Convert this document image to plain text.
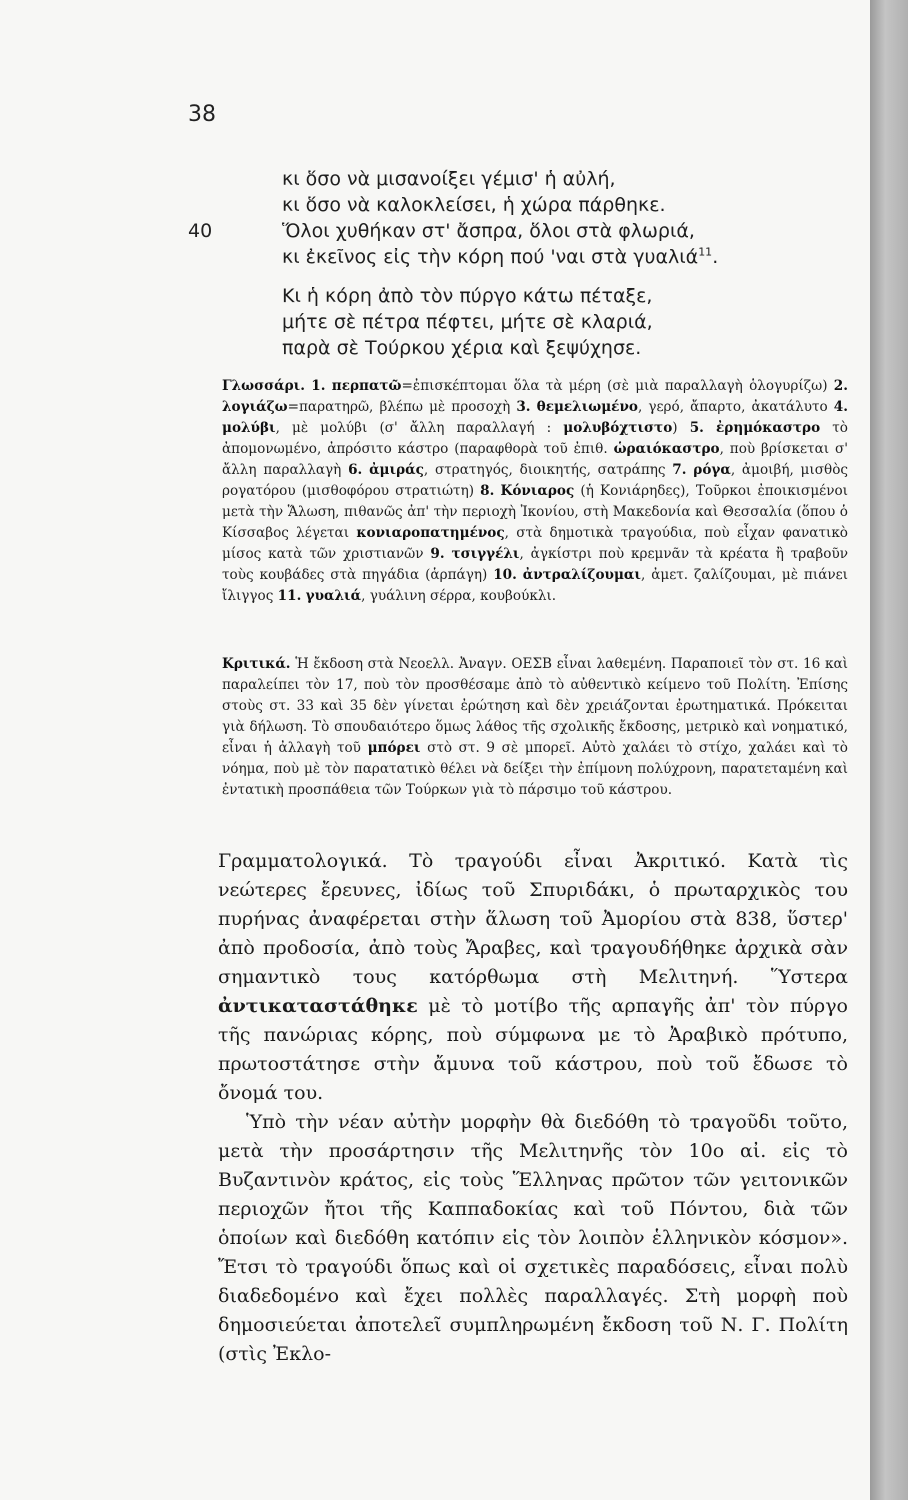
38
κι ὅσο νὰ μισανοίξει γέμισ' ἡ αὐλή,
κι ὅσο νὰ καλοκλείσει, ἡ χώρα πάρθηκε.
40	Ὅλοι χυθήκαν στ' ἄσπρα, ὅλοι στὰ φλωριά,
κι ἐκεῖνος εἰς τὴν κόρη πού 'ναι στὰ γυαλιά$^{11}$.
Κι ἡ κόρη ἀπὸ τὸν πύργο κάτω πέταξε,
μήτε σὲ πέτρα πέφτει, μήτε σὲ κλαριά,
παρὰ σὲ Τούρκου χέρια καὶ ξεψύχησε.

Γλωσσάρι. 1. περπατῶ=ἐπισκέπτομαι ὅλα τὰ μέρη (σὲ μιὰ παραλλαγὴ ὁλογυρίζω) 2. λογιάζω=παρατηρῶ, βλέπω μὲ προσοχὴ 3. θεμελιωμένο, γερό, ἄπαρτο, ἀκατάλυτο 4. μολύβι, μὲ μολύβι (σ' ἄλλη παραλλαγή : μολυβόχτιστο) 5. ἐρημόκαστρο τὸ ἀπομονωμένο, ἀπρόσιτο κάστρο (παραφθορὰ τοῦ ἐπιθ. ὡραιόκαστρο, ποὺ βρίσκεται σ' ἄλλη παραλλαγὴ 6. ἀμιράς, στρατηγός, διοικητής, σατράπης 7. ρόγα, ἀμοιβή, μισθὸς ρογατόρου (μισθοφόρου στρατιώτη) 8. Κόνιαρος (ἡ Κονιάρηδες), Τοῦρκοι ἐποικισμένοι μετὰ τὴν Ἅλωση, πιθανῶς ἀπ' τὴν περιοχὴ Ἰκονίου, στὴ Μακεδονία καὶ Θεσσαλία (ὅπου ὁ Κίσσαβος λέγεται κονιαροπατημένος, στὰ δημοτικὰ τραγούδια, ποὺ εἶχαν φανατικὸ μίσος κατὰ τῶν χριστιανῶν 9. τσιγγέλι, ἀγκίστρι ποὺ κρεμνᾶν τὰ κρέατα ἢ τραβοῦν τοὺς κουβάδες στὰ πηγάδια (ἁρπάγη) 10. ἀντραλίζουμαι, ἀμετ. ζαλίζουμαι, μὲ πιάνει ἴλιγγος 11. γυαλιά, γυάλινη σέρρα, κουβούκλι.

Κριτικά. Ἡ ἔκδοση στὰ Νεοελλ. Ἀναγν. ΟΕΣΒ εἶναι λαθεμένη. Παραποιεῖ τὸν στ. 16 καὶ παραλείπει τὸν 17, ποὺ τὸν προσθέσαμε ἀπὸ τὸ αὐθεντικὸ κείμενο τοῦ Πολίτη. Ἐπίσης στοὺς στ. 33 καὶ 35 δὲν γίνεται ἐρώτηση καὶ δὲν χρειάζονται ἐρωτηματικά. Πρόκειται γιὰ δήλωση. Τὸ σπουδαιότερο ὅμως λάθος τῆς σχολικῆς ἔκδοσης, μετρικὸ καὶ νοηματικό, εἶναι ἡ ἀλλαγὴ τοῦ μπόρει στὸ στ. 9 σὲ μπορεῖ. Αὐτὸ χαλάει τὸ στίχο, χαλάει καὶ τὸ νόημα, ποὺ μὲ τὸν παρατατικὸ θέλει νὰ δείξει τὴν ἐπίμονη πολύχρονη, παρατεταμένη καὶ ἐντατικὴ προσπάθεια τῶν Τούρκων γιὰ τὸ πάρσιμο τοῦ κάστρου.

Γραμματολογικά. Τὸ τραγούδι εἶναι Ἀκριτικό. Κατὰ τὶς νεώτερες ἔρευνες, ἰδίως τοῦ Σπυριδάκι, ὁ πρωταρχικὸς του πυρήνας ἀναφέρεται στὴν ἅλωση τοῦ Ἀμορίου στὰ 838, ὕστερ' ἀπὸ προδοσία, ἀπὸ τοὺς Ἄραβες, καὶ τραγουδήθηκε ἀρχικὰ σὰν σημαντικὸ τους κατόρθωμα στὴ Μελιτηνή. Ὕστερα ἀντικαταστάθηκε μὲ τὸ μοτίβο τῆς αρπαγῆς ἀπ' τὸν πύργο τῆς πανώριας κόρης, ποὺ σύμφωνα με τὸ Ἀραβικὸ πρότυπο, πρωτοστάτησε στὴν ἄμυνα τοῦ κάστρου, ποὺ τοῦ ἔδωσε τὸ ὄνομά του.

Ὑπὸ τὴν νέαν αὐτὴν μορφὴν θὰ διεδόθη τὸ τραγοῦδι τοῦτο, μετὰ τὴν προσάρτησιν τῆς Μελιτηνῆς τὸν 10ο αἰ. εἰς τὸ Βυζαντινὸν κράτος, εἰς τοὺς Ἕλληνας πρῶτον τῶν γειτονικῶν περιοχῶν ἤτοι τῆς Καππαδοκίας καὶ τοῦ Πόντου, διὰ τῶν ὁποίων καὶ διεδόθη κατόπιν εἰς τὸν λοιπὸν ἑλληνικὸν κόσμον». Ἔτσι τὸ τραγούδι ὅπως καὶ οἱ σχετικὲς παραδόσεις, εἶναι πολὺ διαδεδομένο καὶ ἔχει πολλὲς παραλλαγές. Στὴ μορφὴ ποὺ δημοσιεύεται ἀποτελεῖ συμπληρωμένη ἔκδοση τοῦ Ν. Γ. Πολίτη (στὶς Ἐκλο-
